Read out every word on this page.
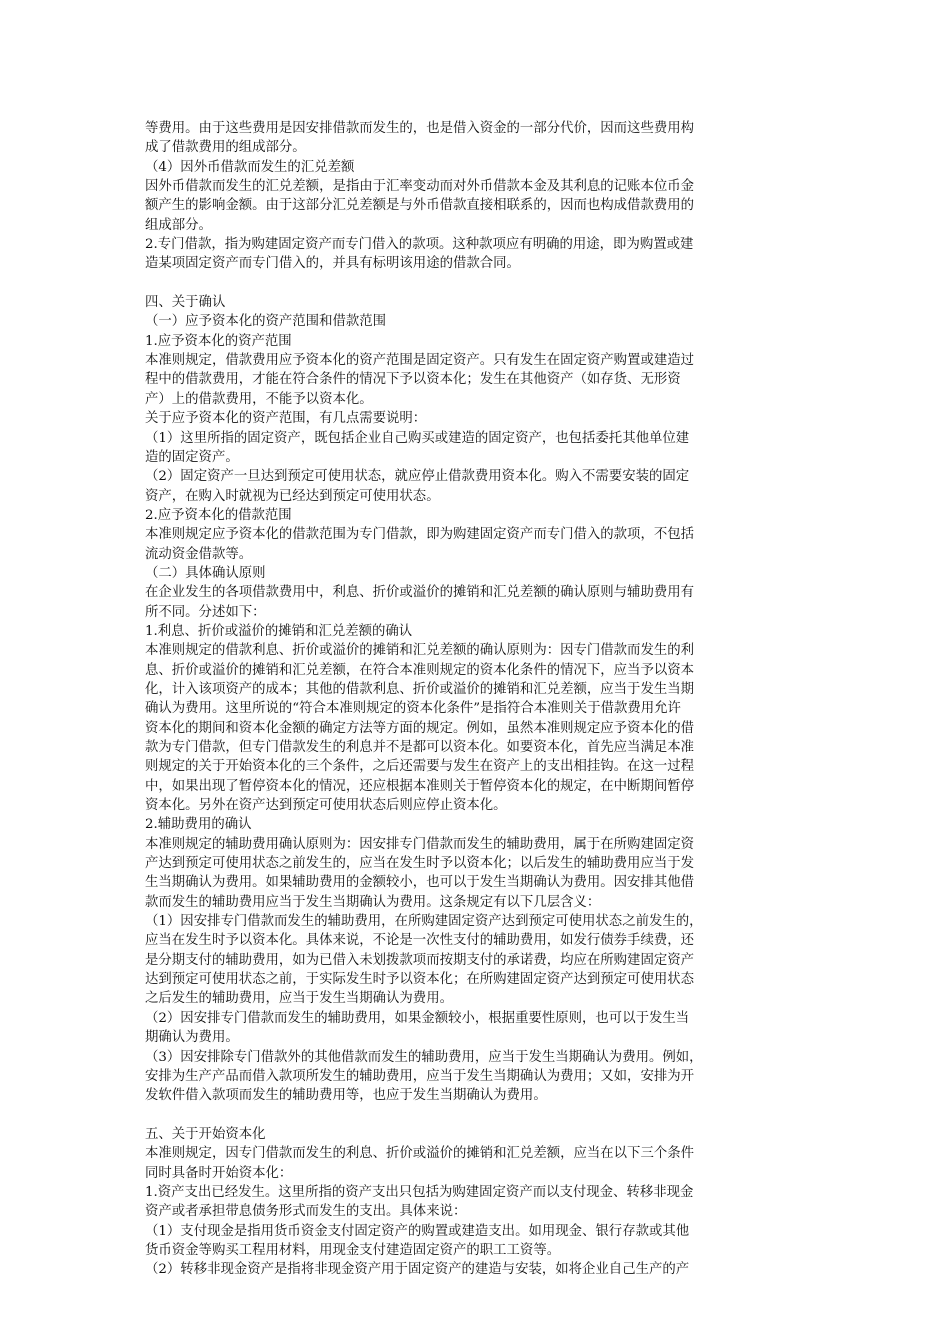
等费用。由于这些费用是因安排借款而发生的，也是借入资金的一部分代价，因而这些费用构
成了借款费用的组成部分。
（4）因外币借款而发生的汇兑差额
因外币借款而发生的汇兑差额，是指由于汇率变动而对外币借款本金及其利息的记账本位币金
额产生的影响金额。由于这部分汇兑差额是与外币借款直接相联系的，因而也构成借款费用的
组成部分。
2.专门借款，指为购建固定资产而专门借入的款项。这种款项应有明确的用途，即为购置或建
造某项固定资产而专门借入的，并具有标明该用途的借款合同。
四、关于确认
（一）应予资本化的资产范围和借款范围
1.应予资本化的资产范围
本准则规定，借款费用应予资本化的资产范围是固定资产。只有发生在固定资产购置或建造过
程中的借款费用，才能在符合条件的情况下予以资本化；发生在其他资产（如存货、无形资
产）上的借款费用，不能予以资本化。
关于应予资本化的资产范围，有几点需要说明：
（1）这里所指的固定资产，既包括企业自己购买或建造的固定资产，也包括委托其他单位建
造的固定资产。
（2）固定资产一旦达到预定可使用状态，就应停止借款费用资本化。购入不需要安装的固定
资产，在购入时就视为已经达到预定可使用状态。
2.应予资本化的借款范围
本准则规定应予资本化的借款范围为专门借款，即为购建固定资产而专门借入的款项，不包括
流动资金借款等。
（二）具体确认原则
在企业发生的各项借款费用中，利息、折价或溢价的摊销和汇兑差额的确认原则与辅助费用有
所不同。分述如下：
1.利息、折价或溢价的摊销和汇兑差额的确认
本准则规定的借款利息、折价或溢价的摊销和汇兑差额的确认原则为：因专门借款而发生的利
息、折价或溢价的摊销和汇兑差额，在符合本准则规定的资本化条件的情况下，应当予以资本
化，计入该项资产的成本；其他的借款利息、折价或溢价的摊销和汇兑差额，应当于发生当期
确认为费用。这里所说的“符合本准则规定的资本化条件”是指符合本准则关于借款费用允许
资本化的期间和资本化金额的确定方法等方面的规定。例如，虽然本准则规定应予资本化的借
款为专门借款，但专门借款发生的利息并不是都可以资本化。如要资本化，首先应当满足本准
则规定的关于开始资本化的三个条件，之后还需要与发生在资产上的支出相挂钩。在这一过程
中，如果出现了暂停资本化的情况，还应根据本准则关于暂停资本化的规定，在中断期间暂停
资本化。另外在资产达到预定可使用状态后则应停止资本化。
2.辅助费用的确认
本准则规定的辅助费用确认原则为：因安排专门借款而发生的辅助费用，属于在所购建固定资
产达到预定可使用状态之前发生的，应当在发生时予以资本化；以后发生的辅助费用应当于发
生当期确认为费用。如果辅助费用的金额较小，也可以于发生当期确认为费用。因安排其他借
款而发生的辅助费用应当于发生当期确认为费用。这条规定有以下几层含义：
（1）因安排专门借款而发生的辅助费用，在所购建固定资产达到预定可使用状态之前发生的，
应当在发生时予以资本化。具体来说，不论是一次性支付的辅助费用，如发行债券手续费，还
是分期支付的辅助费用，如为已借入未划拨款项而按期支付的承诺费，均应在所购建固定资产
达到预定可使用状态之前，于实际发生时予以资本化；在所购建固定资产达到预定可使用状态
之后发生的辅助费用，应当于发生当期确认为费用。
（2）因安排专门借款而发生的辅助费用，如果金额较小，根据重要性原则，也可以于发生当
期确认为费用。
（3）因安排除专门借款外的其他借款而发生的辅助费用，应当于发生当期确认为费用。例如，
安排为生产产品而借入款项所发生的辅助费用，应当于发生当期确认为费用；又如，安排为开
发软件借入款项而发生的辅助费用等，也应于发生当期确认为费用。
五、关于开始资本化
本准则规定，因专门借款而发生的利息、折价或溢价的摊销和汇兑差额，应当在以下三个条件
同时具备时开始资本化：
1.资产支出已经发生。这里所指的资产支出只包括为购建固定资产而以支付现金、转移非现金
资产或者承担带息债务形式而发生的支出。具体来说：
（1）支付现金是指用货币资金支付固定资产的购置或建造支出。如用现金、银行存款或其他
货币资金等购买工程用材料，用现金支付建造固定资产的职工工资等。
（2）转移非现金资产是指将非现金资产用于固定资产的建造与安装，如将企业自己生产的产
